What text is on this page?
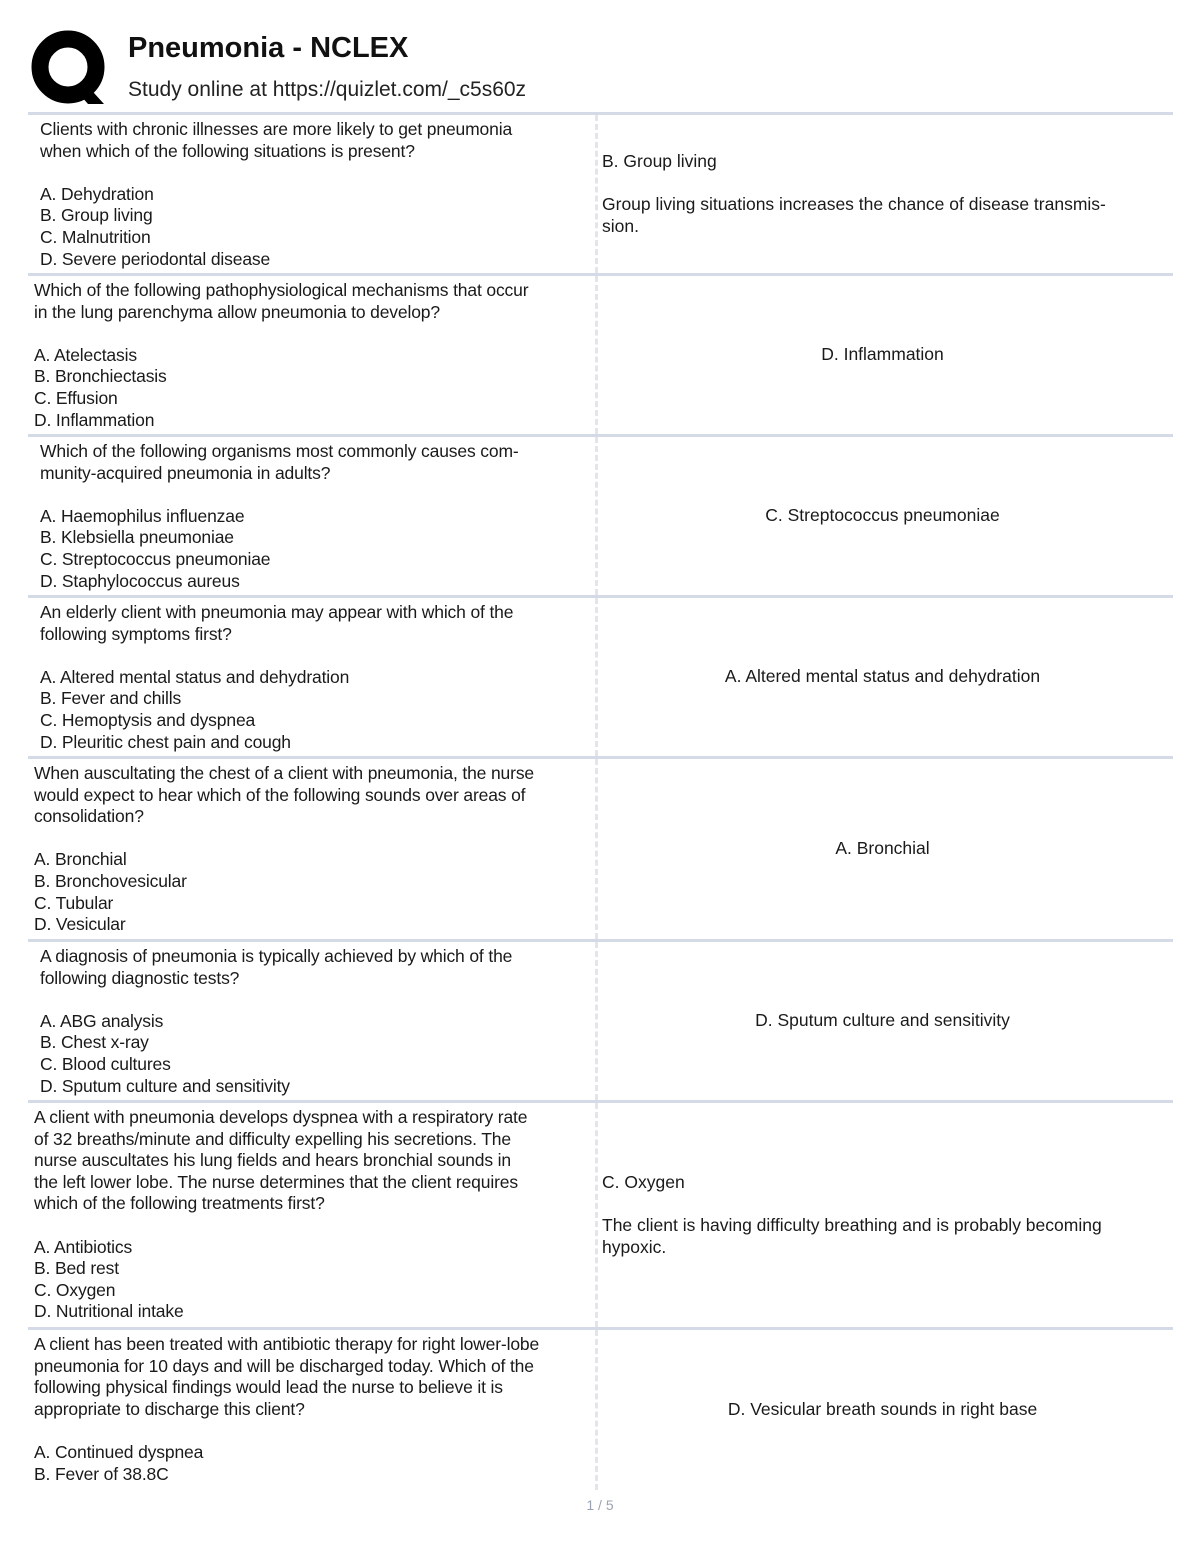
Pneumonia - NCLEX
Study online at https://quizlet.com/_c5s60z
Clients with chronic illnesses are more likely to get pneumonia
when which of the following situations is present?
A. Dehydration
B. Group living
C. Malnutrition
D. Severe periodontal disease
B. Group living
Group living situations increases the chance of disease transmis-
sion.
Which of the following pathophysiological mechanisms that occur
in the lung parenchyma allow pneumonia to develop?
A. Atelectasis
B. Bronchiectasis
C. Effusion
D. Inflammation
D. Inflammation
Which of the following organisms most commonly causes com-
munity-acquired pneumonia in adults?
A. Haemophilus influenzae
B. Klebsiella pneumoniae
C. Streptococcus pneumoniae
D. Staphylococcus aureus
C. Streptococcus pneumoniae
An elderly client with pneumonia may appear with which of the
following symptoms first?
A. Altered mental status and dehydration
B. Fever and chills
C. Hemoptysis and dyspnea
D. Pleuritic chest pain and cough
A. Altered mental status and dehydration
When auscultating the chest of a client with pneumonia, the nurse
would expect to hear which of the following sounds over areas of
consolidation?
A. Bronchial
B. Bronchovesicular
C. Tubular
D. Vesicular
A. Bronchial
A diagnosis of pneumonia is typically achieved by which of the
following diagnostic tests?
A. ABG analysis
B. Chest x-ray
C. Blood cultures
D. Sputum culture and sensitivity
D. Sputum culture and sensitivity
A client with pneumonia develops dyspnea with a respiratory rate
of 32 breaths/minute and difficulty expelling his secretions. The
nurse auscultates his lung fields and hears bronchial sounds in
the left lower lobe. The nurse determines that the client requires
which of the following treatments first?
A. Antibiotics
B. Bed rest
C. Oxygen
D. Nutritional intake
C. Oxygen
The client is having difficulty breathing and is probably becoming
hypoxic.
A client has been treated with antibiotic therapy for right lower-lobe
pneumonia for 10 days and will be discharged today. Which of the
following physical findings would lead the nurse to believe it is
appropriate to discharge this client?
A. Continued dyspnea
B. Fever of 38.8C
D. Vesicular breath sounds in right base
1 / 5
